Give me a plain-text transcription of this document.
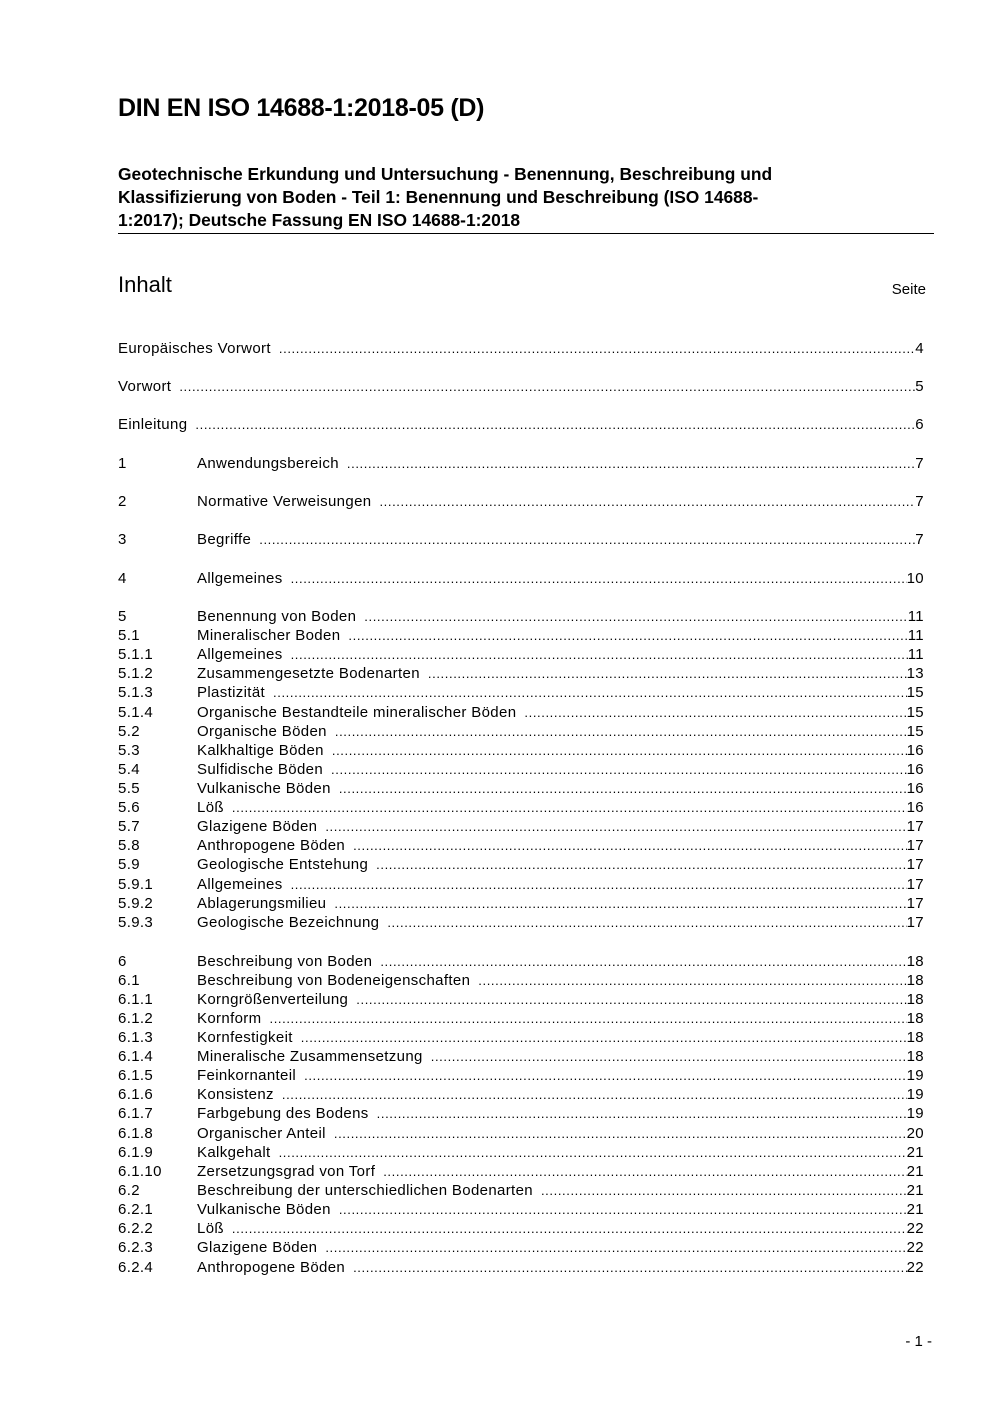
DIN EN ISO 14688-1:2018-05 (D)
Geotechnische Erkundung und Untersuchung - Benennung, Beschreibung und
Klassifizierung von Boden - Teil 1: Benennung und Beschreibung (ISO 14688-
1:2017); Deutsche Fassung EN ISO 14688-1:2018
Inhalt	Seite
Europäisches Vorwort .....	4
Vorwort .....	5
Einleitung .....	6
1	Anwendungsbereich .....	7
2	Normative Verweisungen .....	7
3	Begriffe .....	7
4	Allgemeines .....	10
5	Benennung von Boden .....	11
5.1	Mineralischer Boden .....	11
5.1.1	Allgemeines .....	11
5.1.2	Zusammengesetzte Bodenarten .....	13
5.1.3	Plastizität .....	15
5.1.4	Organische Bestandteile mineralischer Böden .....	15
5.2	Organische Böden .....	15
5.3	Kalkhaltige Böden .....	16
5.4	Sulfidische Böden .....	16
5.5	Vulkanische Böden .....	16
5.6	Löß .....	16
5.7	Glazigene Böden .....	17
5.8	Anthropogene Böden .....	17
5.9	Geologische Entstehung .....	17
5.9.1	Allgemeines .....	17
5.9.2	Ablagerungsmilieu .....	17
5.9.3	Geologische Bezeichnung .....	17
6	Beschreibung von Boden .....	18
6.1	Beschreibung von Bodeneigenschaften .....	18
6.1.1	Korngrößenverteilung .....	18
6.1.2	Kornform .....	18
6.1.3	Kornfestigkeit .....	18
6.1.4	Mineralische Zusammensetzung .....	18
6.1.5	Feinkornanteil .....	19
6.1.6	Konsistenz .....	19
6.1.7	Farbgebung des Bodens .....	19
6.1.8	Organischer Anteil .....	20
6.1.9	Kalkgehalt .....	21
6.1.10	Zersetzungsgrad von Torf .....	21
6.2	Beschreibung der unterschiedlichen Bodenarten .....	21
6.2.1	Vulkanische Böden .....	21
6.2.2	Löß .....	22
6.2.3	Glazigene Böden .....	22
6.2.4	Anthropogene Böden .....	22
- 1 -
